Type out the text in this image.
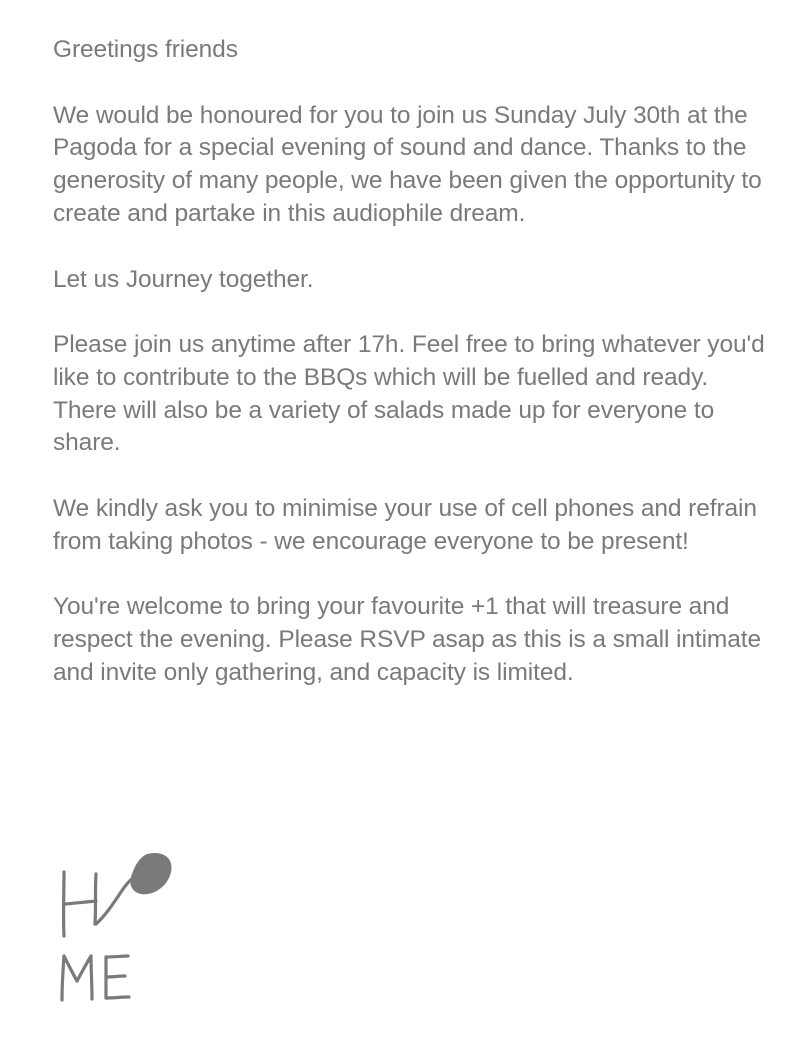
Greetings friends

We would be honoured for you to join us Sunday July 30th at the Pagoda for a special evening of sound and dance. Thanks to the generosity of many people, we have been given the opportunity to create and partake in this audiophile dream.

Let us Journey together.

Please join us anytime after 17h. Feel free to bring whatever you'd like to contribute to the BBQs which will be fuelled and ready. There will also be a variety of salads made up for everyone to share.

We kindly ask you to minimise your use of cell phones and refrain from taking photos - we encourage everyone to be present!

You're welcome to bring your favourite +1 that will treasure and respect the evening. Please RSVP asap as this is a small intimate and invite only gathering, and capacity is limited.
